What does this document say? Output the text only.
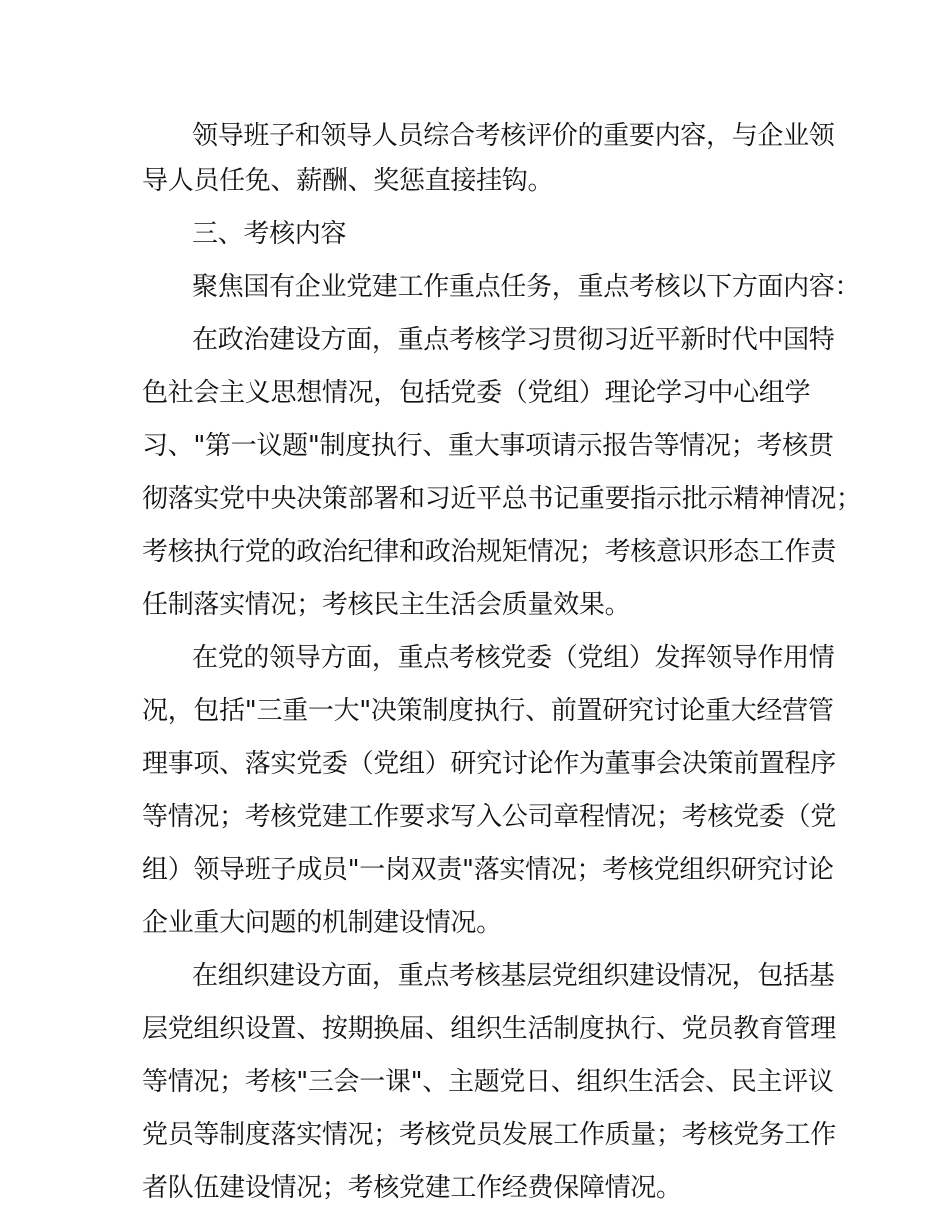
领导班子和领导人员综合考核评价的重要内容，与企业领
导人员任免、薪酬、奖惩直接挂钩。
三、考核内容
聚焦国有企业党建工作重点任务，重点考核以下方面内容：
在政治建设方面，重点考核学习贯彻习近平新时代中国特
色社会主义思想情况，包括党委（党组）理论学习中心组学
习、"第一议题"制度执行、重大事项请示报告等情况；考核贯
彻落实党中央决策部署和习近平总书记重要指示批示精神情况；
考核执行党的政治纪律和政治规矩情况；考核意识形态工作责
任制落实情况；考核民主生活会质量效果。
在党的领导方面，重点考核党委（党组）发挥领导作用情
况，包括"三重一大"决策制度执行、前置研究讨论重大经营管
理事项、落实党委（党组）研究讨论作为董事会决策前置程序
等情况；考核党建工作要求写入公司章程情况；考核党委（党
组）领导班子成员"一岗双责"落实情况；考核党组织研究讨论
企业重大问题的机制建设情况。
在组织建设方面，重点考核基层党组织建设情况，包括基
层党组织设置、按期换届、组织生活制度执行、党员教育管理
等情况；考核"三会一课"、主题党日、组织生活会、民主评议
党员等制度落实情况；考核党员发展工作质量；考核党务工作
者队伍建设情况；考核党建工作经费保障情况。
